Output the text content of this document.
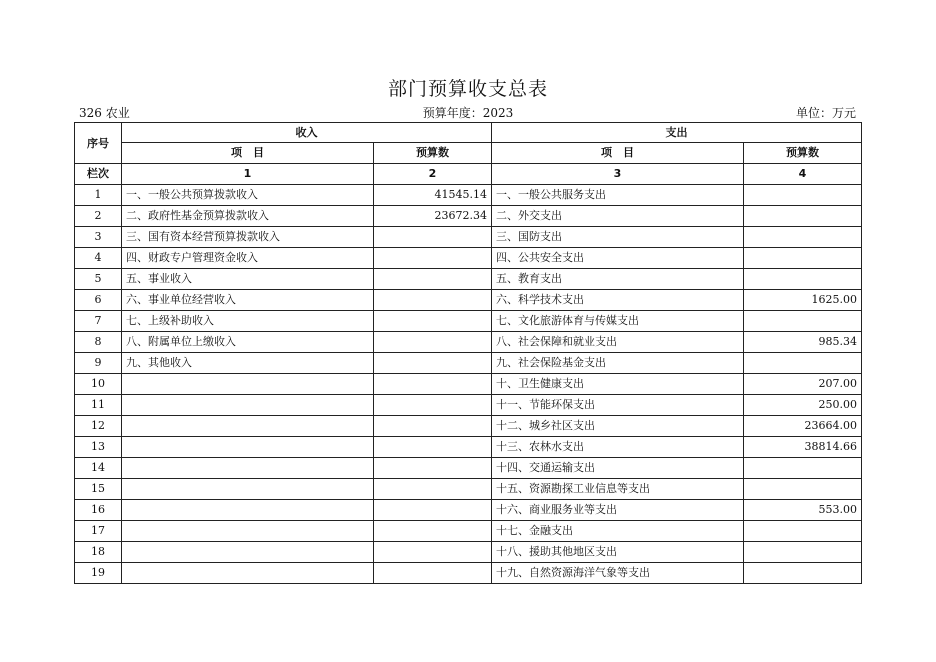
部门预算收支总表
326 农业	预算年度：2023	单位：万元
序号	收入		支出	
	项　目	预算数	项　目	预算数
栏次	1	2	3	4
1	一、一般公共预算拨款收入	41545.14	一、一般公共服务支出	
2	二、政府性基金预算拨款收入	23672.34	二、外交支出	
3	三、国有资本经营预算拨款收入		三、国防支出	
4	四、财政专户管理资金收入		四、公共安全支出	
5	五、事业收入		五、教育支出	
6	六、事业单位经营收入		六、科学技术支出	1625.00
7	七、上级补助收入		七、文化旅游体育与传媒支出	
8	八、附属单位上缴收入		八、社会保障和就业支出	985.34
9	九、其他收入		九、社会保险基金支出	
10			十、卫生健康支出	207.00
11			十一、节能环保支出	250.00
12			十二、城乡社区支出	23664.00
13			十三、农林水支出	38814.66
14			十四、交通运输支出	
15			十五、资源勘探工业信息等支出	
16			十六、商业服务业等支出	553.00
17			十七、金融支出	
18			十八、援助其他地区支出	
19			十九、自然资源海洋气象等支出	
